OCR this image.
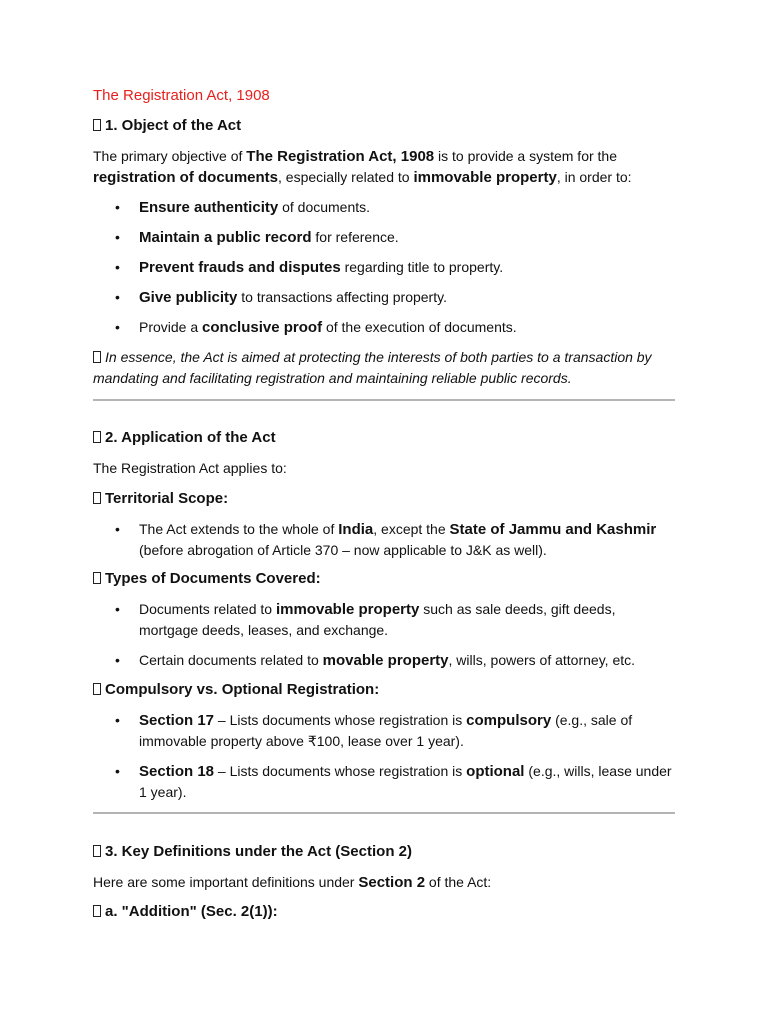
The Registration Act, 1908
1. Object of the Act
The primary objective of The Registration Act, 1908 is to provide a system for the registration of documents, especially related to immovable property, in order to:
• Ensure authenticity of documents.
• Maintain a public record for reference.
• Prevent frauds and disputes regarding title to property.
• Give publicity to transactions affecting property.
• Provide a conclusive proof of the execution of documents.
In essence, the Act is aimed at protecting the interests of both parties to a transaction by mandating and facilitating registration and maintaining reliable public records.
2. Application of the Act
The Registration Act applies to:
Territorial Scope:
• The Act extends to the whole of India, except the State of Jammu and Kashmir (before abrogation of Article 370 – now applicable to J&K as well).
Types of Documents Covered:
• Documents related to immovable property such as sale deeds, gift deeds, mortgage deeds, leases, and exchange.
• Certain documents related to movable property, wills, powers of attorney, etc.
Compulsory vs. Optional Registration:
• Section 17 – Lists documents whose registration is compulsory (e.g., sale of immovable property above ₹100, lease over 1 year).
• Section 18 – Lists documents whose registration is optional (e.g., wills, lease under 1 year).
3. Key Definitions under the Act (Section 2)
Here are some important definitions under Section 2 of the Act:
a. "Addition" (Sec. 2(1)):
